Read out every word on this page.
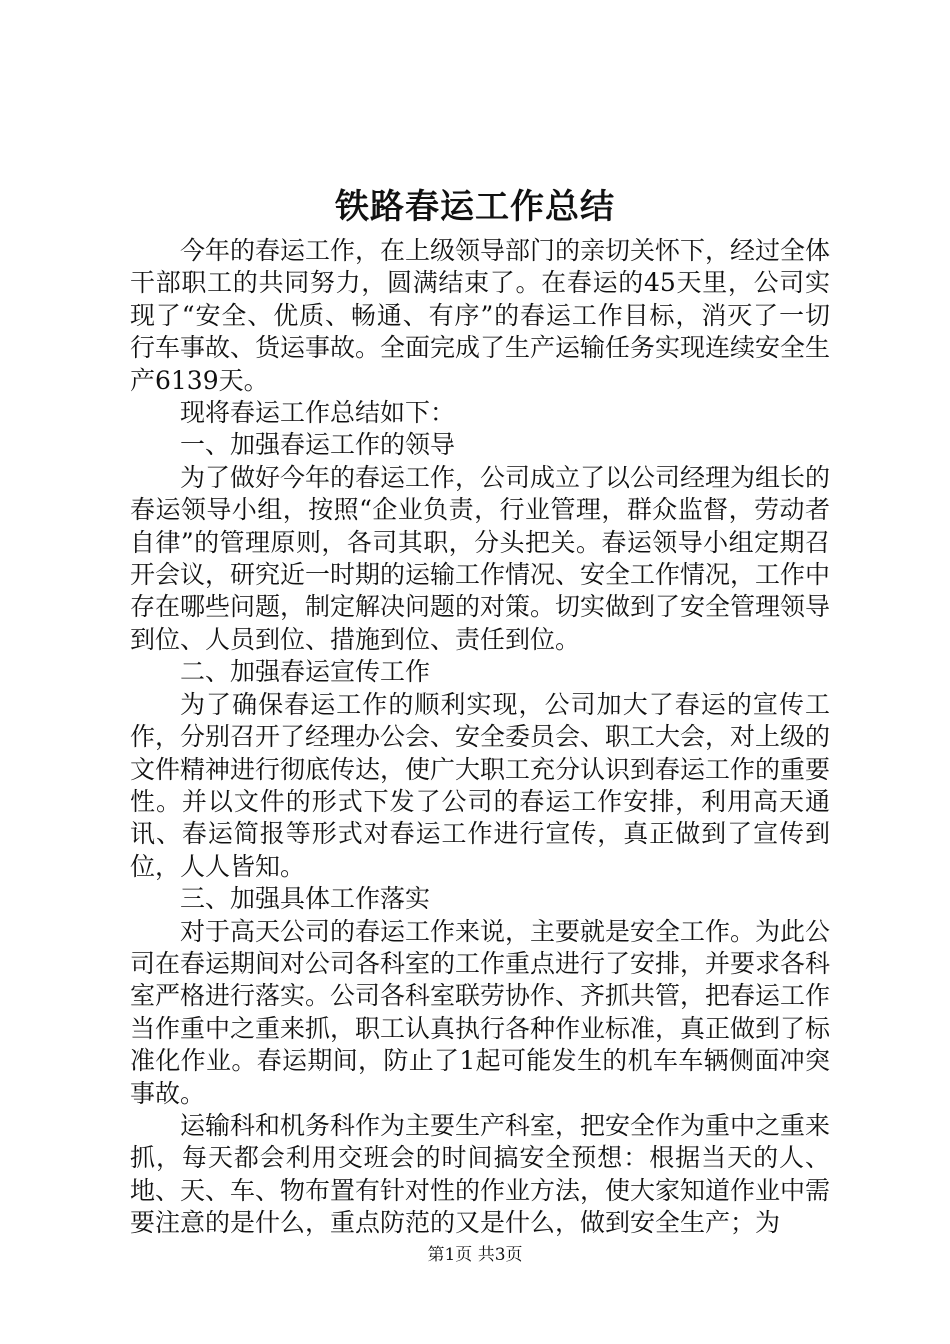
铁路春运工作总结

今年的春运工作，在上级领导部门的亲切关怀下，经过全体干部职工的共同努力，圆满结束了。在春运的45天里，公司实现了“安全、优质、畅通、有序”的春运工作目标，消灭了一切行车事故、货运事故。全面完成了生产运输任务实现连续安全生产6139天。

现将春运工作总结如下：

一、加强春运工作的领导

为了做好今年的春运工作，公司成立了以公司经理为组长的春运领导小组，按照“企业负责，行业管理，群众监督，劳动者自律”的管理原则，各司其职，分头把关。春运领导小组定期召开会议，研究近一时期的运输工作情况、安全工作情况，工作中存在哪些问题，制定解决问题的对策。切实做到了安全管理领导到位、人员到位、措施到位、责任到位。

二、加强春运宣传工作

为了确保春运工作的顺利实现，公司加大了春运的宣传工作，分别召开了经理办公会、安全委员会、职工大会，对上级的文件精神进行彻底传达，使广大职工充分认识到春运工作的重要性。并以文件的形式下发了公司的春运工作安排，利用高天通讯、春运简报等形式对春运工作进行宣传，真正做到了宣传到位，人人皆知。

三、加强具体工作落实

对于高天公司的春运工作来说，主要就是安全工作。为此公司在春运期间对公司各科室的工作重点进行了安排，并要求各科室严格进行落实。公司各科室联劳协作、齐抓共管，把春运工作当作重中之重来抓，职工认真执行各种作业标准，真正做到了标准化作业。春运期间，防止了1起可能发生的机车车辆侧面冲突事故。

运输科和机务科作为主要生产科室，把安全作为重中之重来抓，每天都会利用交班会的时间搞安全预想：根据当天的人、地、天、车、物布置有针对性的作业方法，使大家知道作业中需要注意的是什么，重点防范的又是什么，做到安全生产；为

第1页 共3页
